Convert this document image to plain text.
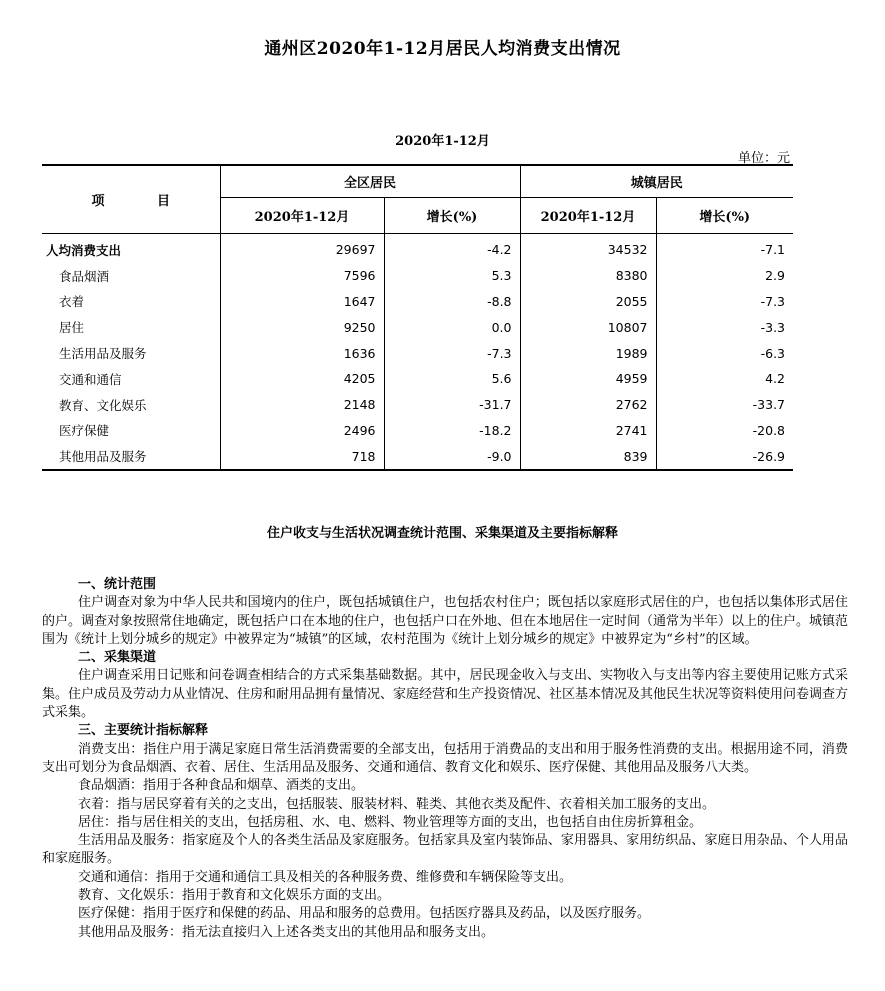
通州区2020年1-12月居民人均消费支出情况
2020年1-12月
单位：元
项 目	全区居民		城镇居民	
	2020年1-12月	增长(%)	2020年1-12月	增长(%)
人均消费支出	29697	-4.2	34532	-7.1
食品烟酒	7596	5.3	8380	2.9
衣着	1647	-8.8	2055	-7.3
居住	9250	0.0	10807	-3.3
生活用品及服务	1636	-7.3	1989	-6.3
交通和通信	4205	5.6	4959	4.2
教育、文化娱乐	2148	-31.7	2762	-33.7
医疗保健	2496	-18.2	2741	-20.8
其他用品及服务	718	-9.0	839	-26.9
住户收支与生活状况调查统计范围、采集渠道及主要指标解释
一、统计范围

住户调查对象为中华人民共和国境内的住户，既包括城镇住户，也包括农村住户；既包括以家庭形式居住的户，也包括以集体形式居住的户。调查对象按照常住地确定，既包括户口在本地的住户，也包括户口在外地、但在本地居住一定时间（通常为半年）以上的住户。城镇范围为《统计上划分城乡的规定》中被界定为“城镇”的区域，农村范围为《统计上划分城乡的规定》中被界定为“乡村”的区域。

二、采集渠道

住户调查采用日记账和问卷调查相结合的方式采集基础数据。其中，居民现金收入与支出、实物收入与支出等内容主要使用记账方式采集。住户成员及劳动力从业情况、住房和耐用品拥有量情况、家庭经营和生产投资情况、社区基本情况及其他民生状况等资料使用问卷调查方式采集。

三、主要统计指标解释

消费支出：指住户用于满足家庭日常生活消费需要的全部支出，包括用于消费品的支出和用于服务性消费的支出。根据用途不同，消费支出可划分为食品烟酒、衣着、居住、生活用品及服务、交通和通信、教育文化和娱乐、医疗保健、其他用品及服务八大类。

食品烟酒：指用于各种食品和烟草、酒类的支出。

衣着：指与居民穿着有关的之支出，包括服装、服装材料、鞋类、其他衣类及配件、衣着相关加工服务的支出。

居住：指与居住相关的支出，包括房租、水、电、燃料、物业管理等方面的支出，也包括自由住房折算租金。

生活用品及服务：指家庭及个人的各类生活品及家庭服务。包括家具及室内装饰品、家用器具、家用纺织品、家庭日用杂品、个人用品和家庭服务。

交通和通信：指用于交通和通信工具及相关的各种服务费、维修费和车辆保险等支出。

教育、文化娱乐：指用于教育和文化娱乐方面的支出。

医疗保健：指用于医疗和保健的药品、用品和服务的总费用。包括医疗器具及药品，以及医疗服务。

其他用品及服务：指无法直接归入上述各类支出的其他用品和服务支出。
